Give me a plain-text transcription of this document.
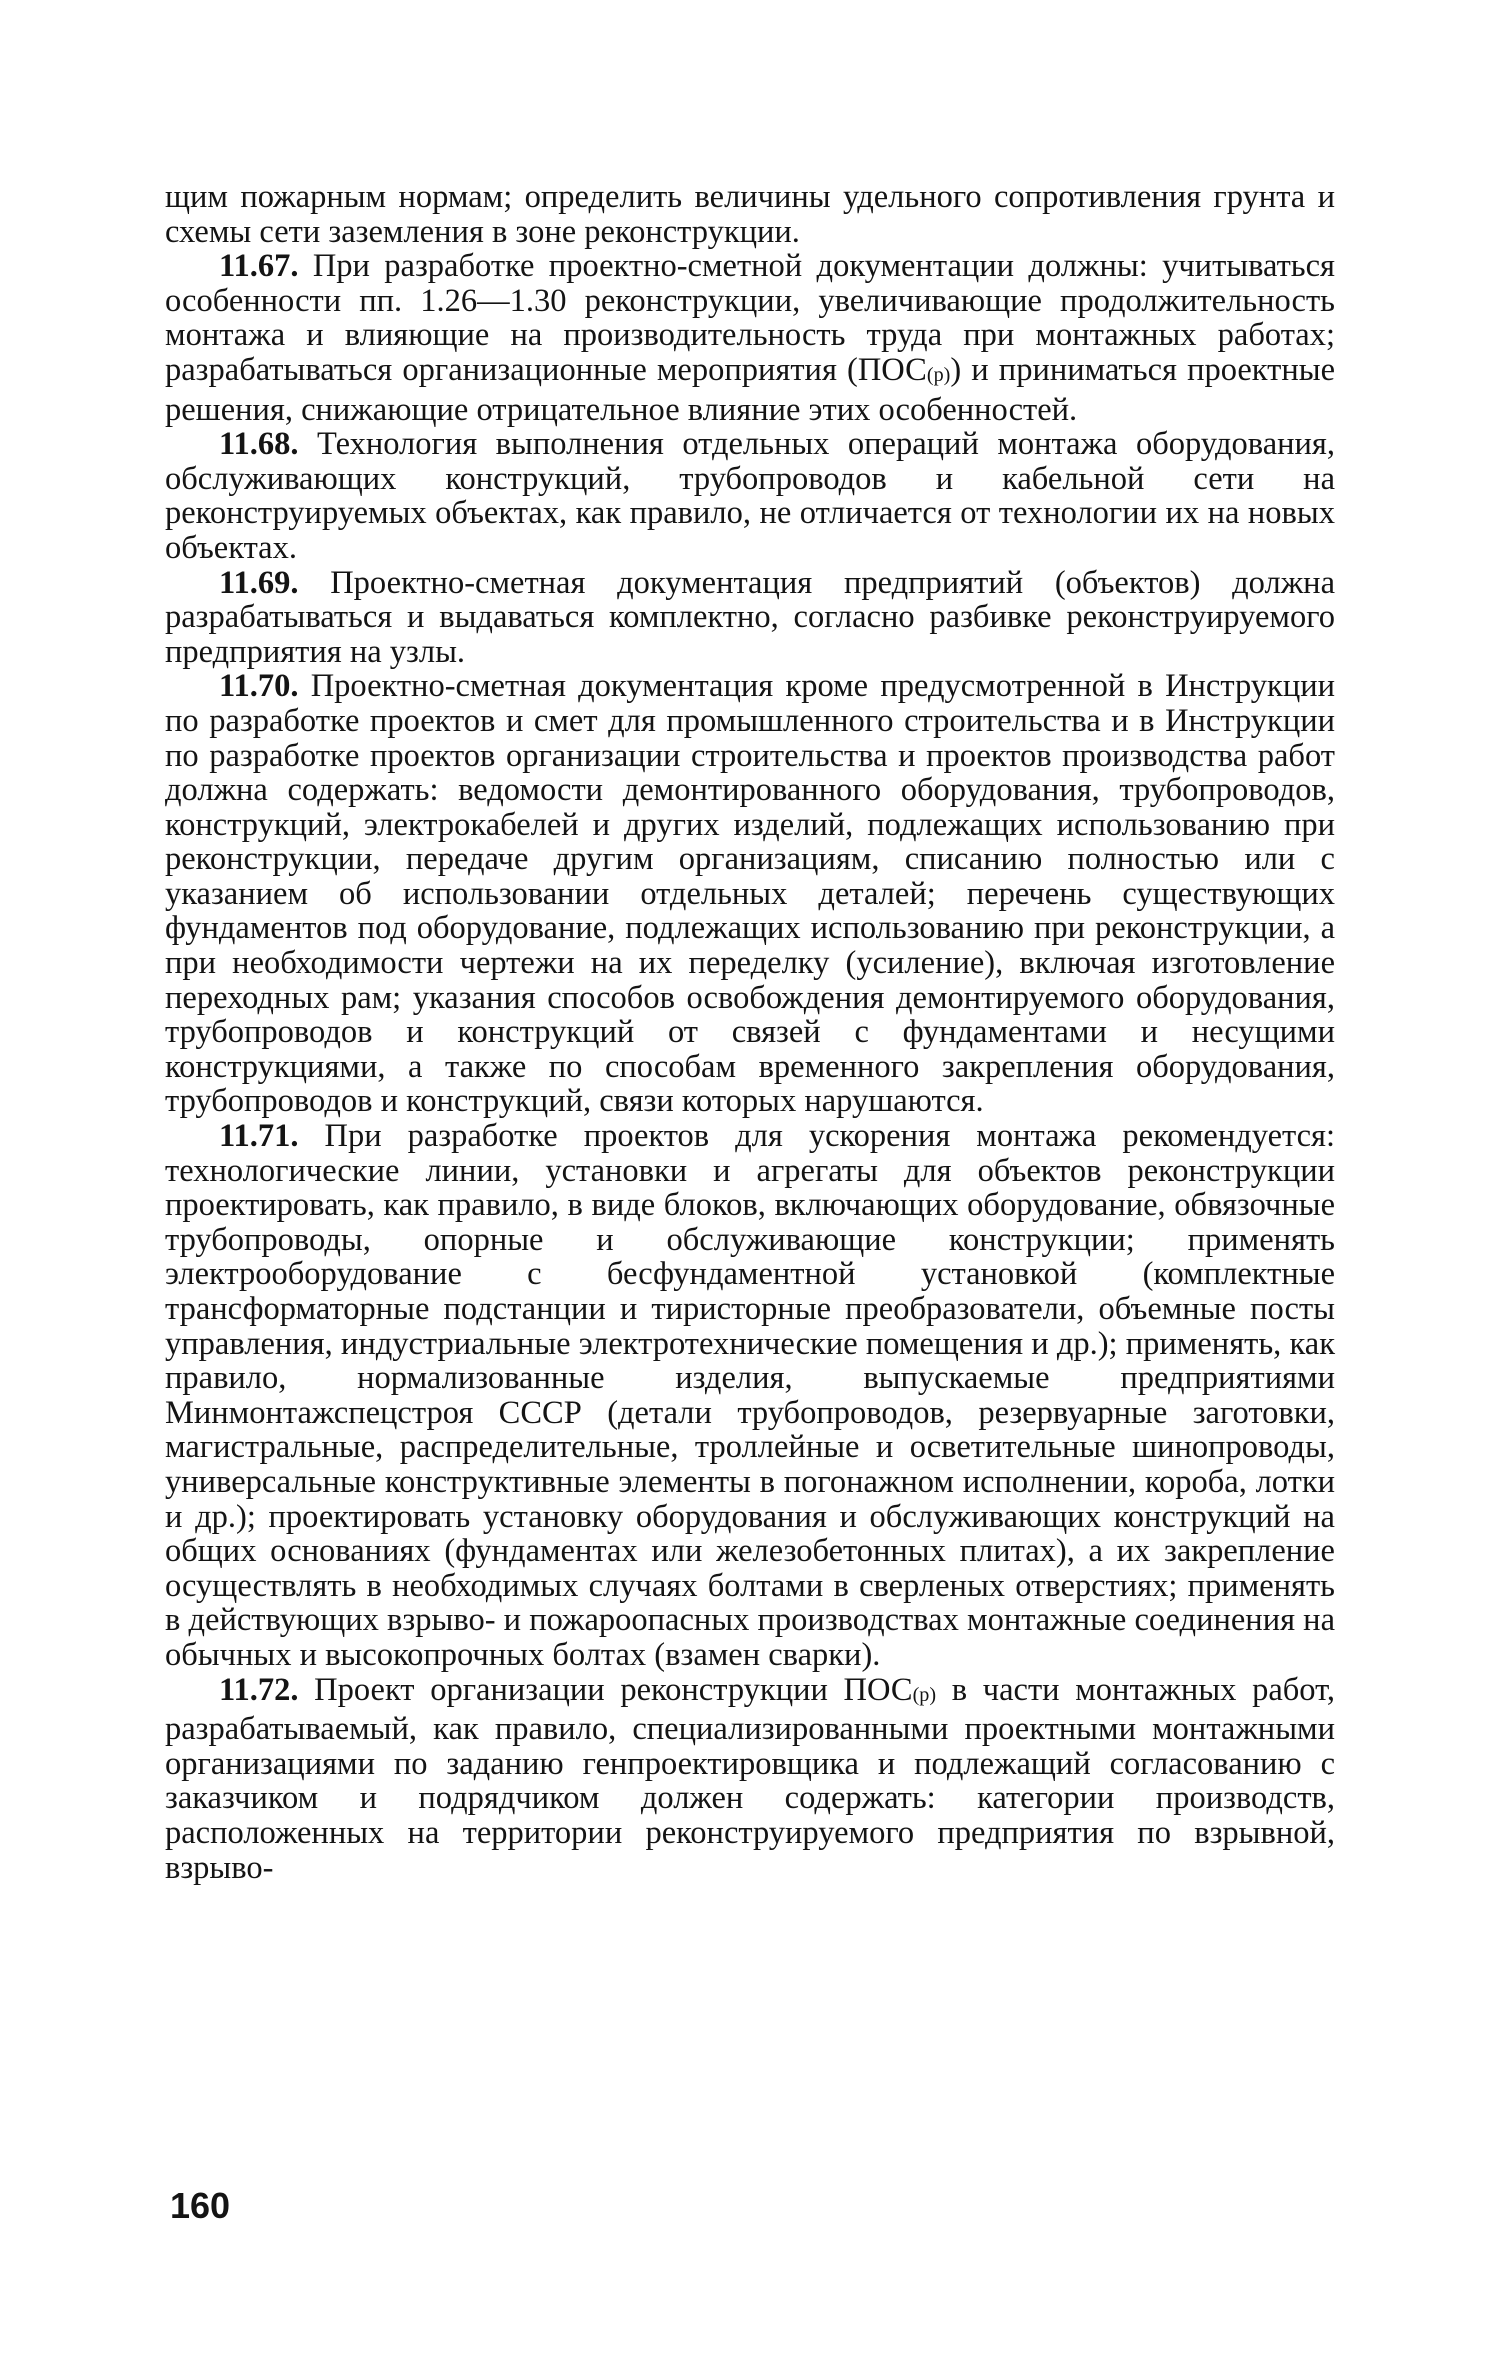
щим пожарным нормам; определить величины удельного сопротивления грунта и схемы сети заземления в зоне реконструкции.

11.67. При разработке проектно-сметной документации должны: учитываться особенности пп. 1.26—1.30 реконструкции, увеличивающие продолжительность монтажа и влияющие на производительность труда при монтажных работах; разрабатываться организационные мероприятия (ПОС(р)) и приниматься проектные решения, снижающие отрицательное влияние этих особенностей.

11.68. Технология выполнения отдельных операций монтажа оборудования, обслуживающих конструкций, трубопроводов и кабельной сети на реконструируемых объектах, как правило, не отличается от технологии их на новых объектах.

11.69. Проектно-сметная документация предприятий (объектов) должна разрабатываться и выдаваться комплектно, согласно разбивке реконструируемого предприятия на узлы.

11.70. Проектно-сметная документация кроме предусмотренной в Инструкции по разработке проектов и смет для промышленного строительства и в Инструкции по разработке проектов организации строительства и проектов производства работ должна содержать: ведомости демонтированного оборудования, трубопроводов, конструкций, электрокабелей и других изделий, подлежащих использованию при реконструкции, передаче другим организациям, списанию полностью или с указанием об использовании отдельных деталей; перечень существующих фундаментов под оборудование, подлежащих использованию при реконструкции, а при необходимости чертежи на их переделку (усиление), включая изготовление переходных рам; указания способов освобождения демонтируемого оборудования, трубопроводов и конструкций от связей с фундаментами и несущими конструкциями, а также по способам временного закрепления оборудования, трубопроводов и конструкций, связи которых нарушаются.

11.71. При разработке проектов для ускорения монтажа рекомендуется: технологические линии, установки и агрегаты для объектов реконструкции проектировать, как правило, в виде блоков, включающих оборудование, обвязочные трубопроводы, опорные и обслуживающие конструкции; применять электрооборудование с бесфундаментной установкой (комплектные трансформаторные подстанции и тиристорные преобразователи, объемные посты управления, индустриальные электротехнические помещения и др.); применять, как правило, нормализованные изделия, выпускаемые предприятиями Минмонтажспецстроя СССР (детали трубопроводов, резервуарные заготовки, магистральные, распределительные, троллейные и осветительные шинопроводы, универсальные конструктивные элементы в погонажном исполнении, короба, лотки и др.); проектировать установку оборудования и обслуживающих конструкций на общих основаниях (фундаментах или железобетонных плитах), а их закрепление осуществлять в необходимых случаях болтами в сверленых отверстиях; применять в действующих взрыво- и пожароопасных производствах монтажные соединения на обычных и высокопрочных болтах (взамен сварки).

11.72. Проект организации реконструкции ПОС(р) в части монтажных работ, разрабатываемый, как правило, специализированными проектными монтажными организациями по заданию генпроектировщика и подлежащий согласованию с заказчиком и подрядчиком должен содержать: категории производств, расположенных на территории реконструируемого предприятия по взрывной, взрыво-

160
